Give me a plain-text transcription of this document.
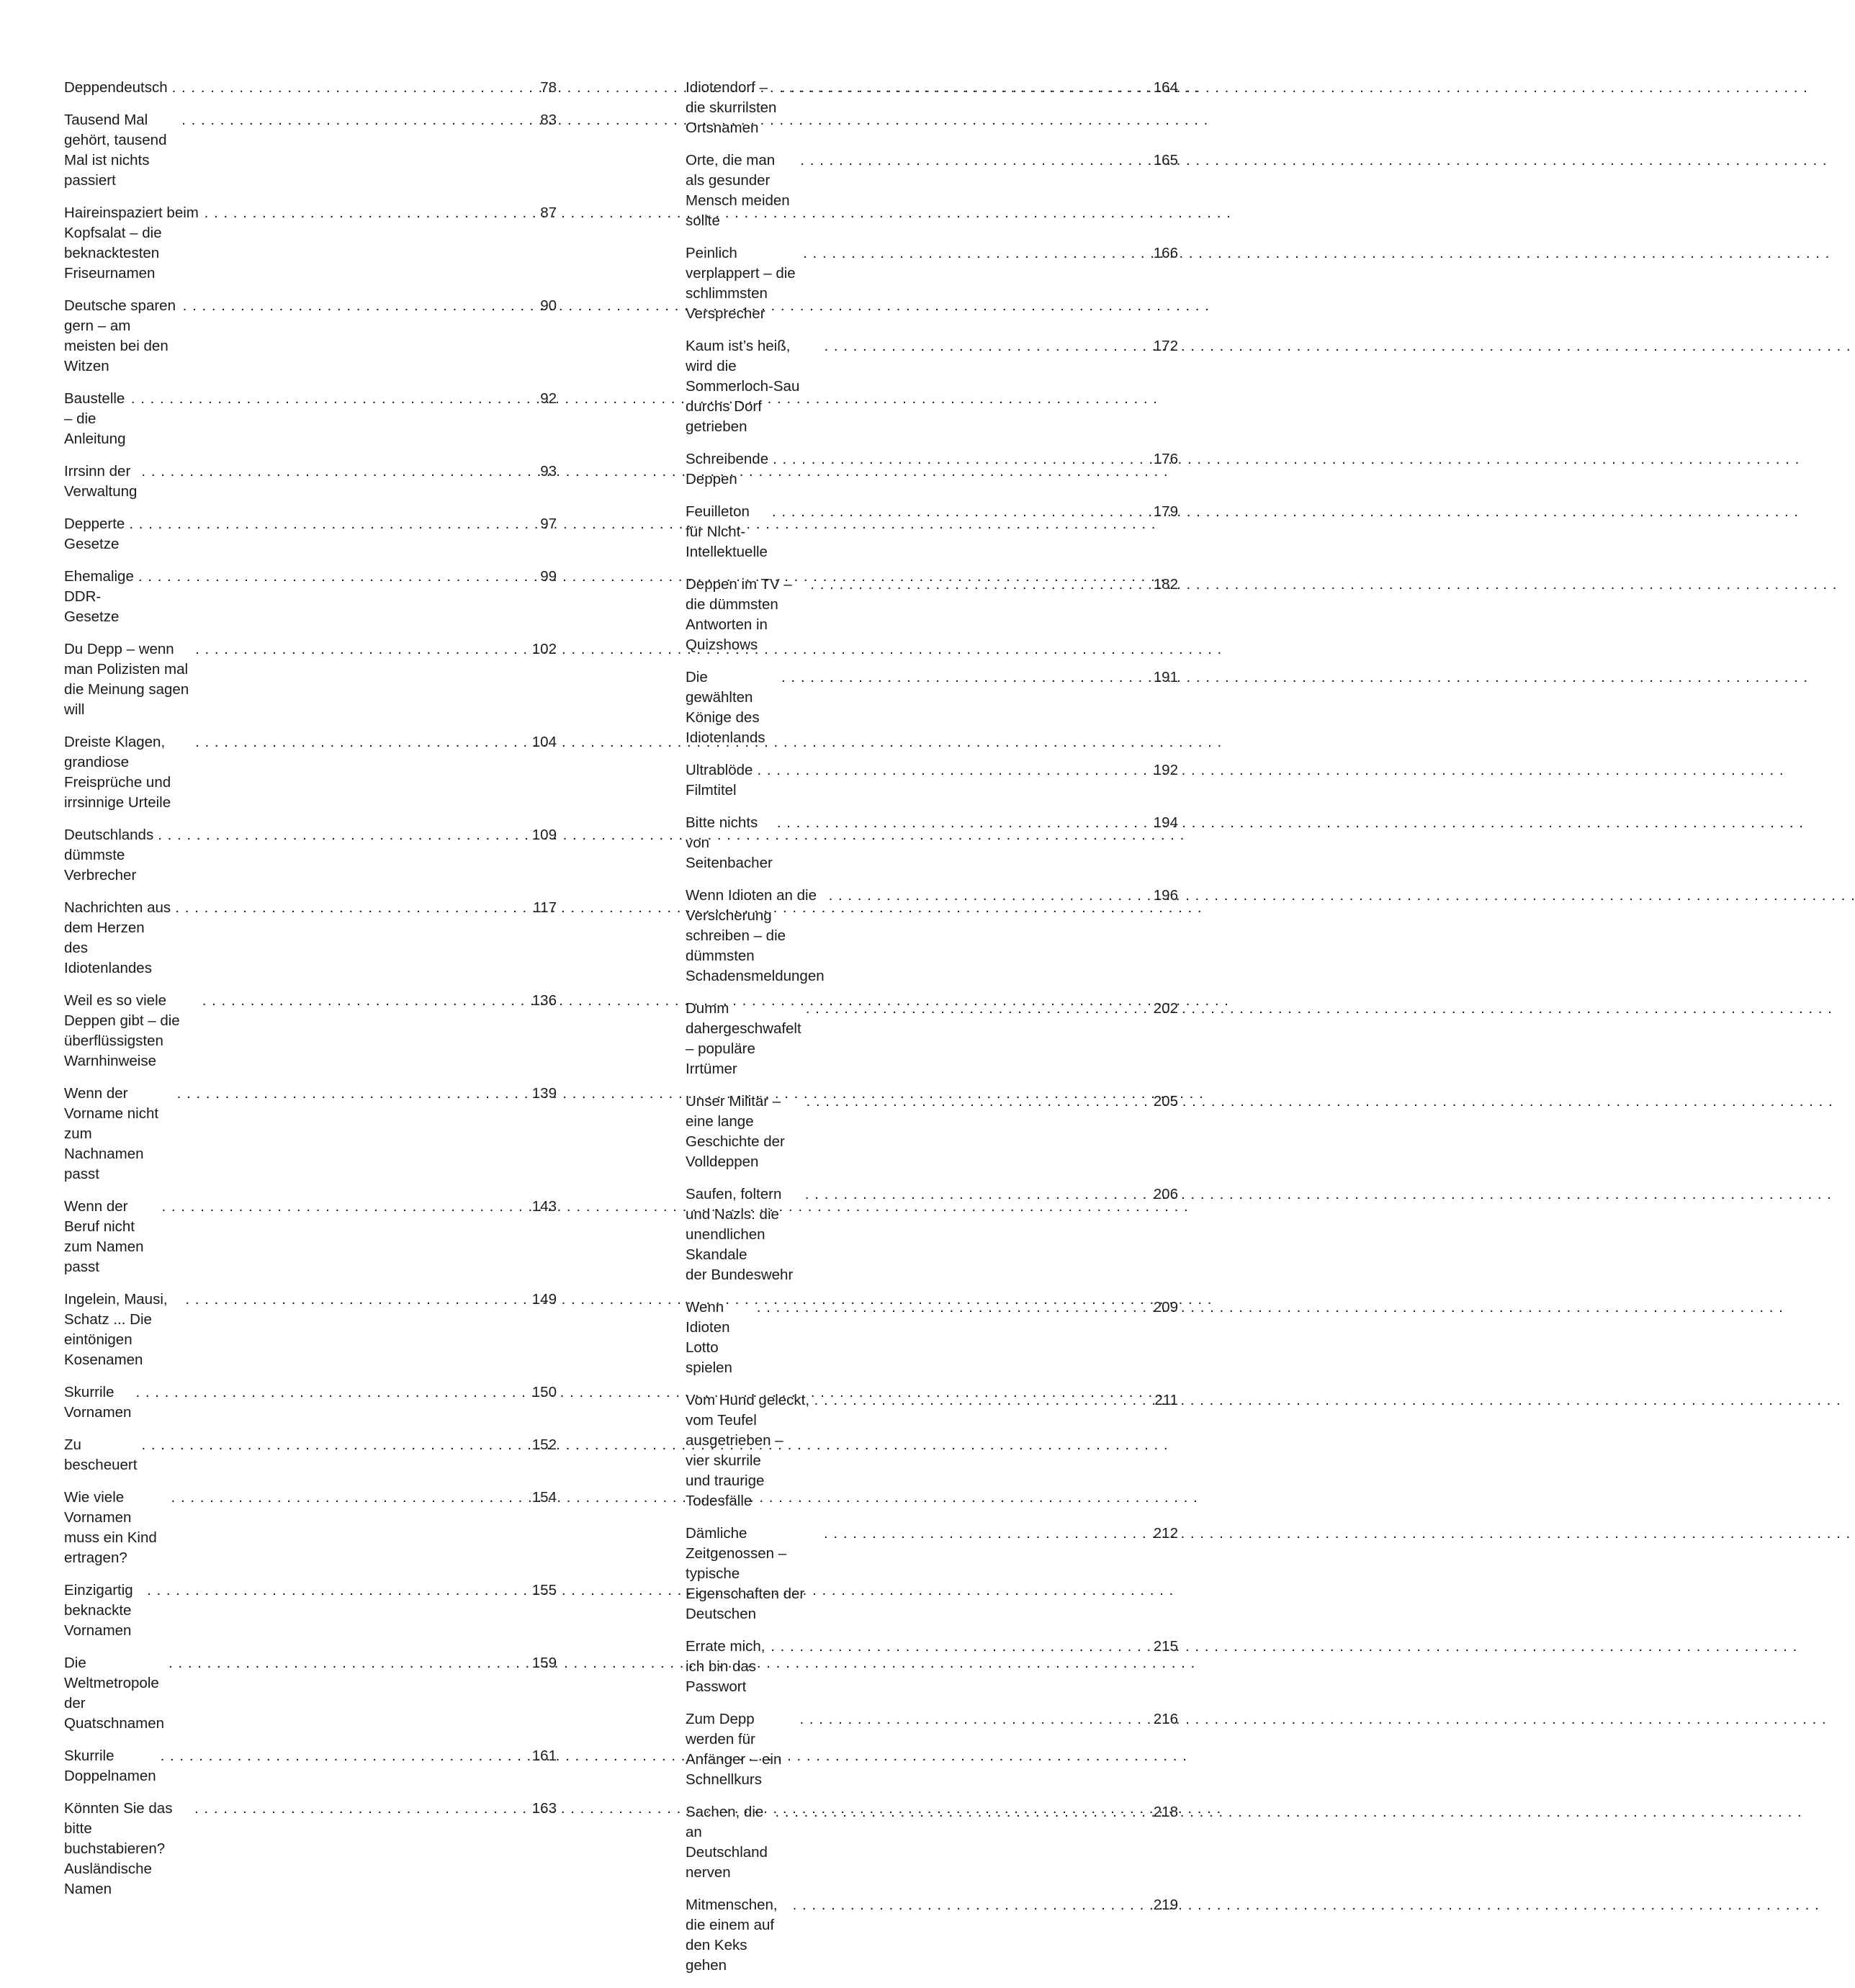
Deppendeutsch
. . .	78
Tausend Mal gehört, tausend Mal ist nichts passiert
. . .
83
Haireinspaziert beim Kopfsalat – die beknacktesten Friseurnamen
. . .
87
Deutsche sparen gern – am meisten bei den Witzen
. . .
90
Baustelle – die Anleitung
. . .
92
Irrsinn der Verwaltung
. . .
93
Depperte Gesetze
. . .
97
Ehemalige DDR-Gesetze
. . .
99
Du Depp – wenn man Polizisten mal die Meinung sagen will
. . .
102
Dreiste Klagen, grandiose Freisprüche und irrsinnige Urteile
. . .
104
Deutschlands dümmste Verbrecher
. . .
109
Nachrichten aus dem Herzen des Idiotenlandes
. . .
117
Weil es so viele Deppen gibt – die überflüssigsten Warnhinweise
. . .
136
Wenn der Vorname nicht zum Nachnamen passt
. . .
139
Wenn der Beruf nicht zum Namen passt
. . .
143
Ingelein, Mausi, Schatz ... Die eintönigen Kosenamen
. . .
149
Skurrile Vornamen
. . .
150
Zu bescheuert
. . .
152
Wie viele Vornamen muss ein Kind ertragen?
. . .
154
Einzigartig beknackte Vornamen
. . .
155
Die Weltmetropole der Quatschnamen
. . .
159
Skurrile Doppelnamen
. . .
161
Könnten Sie das bitte buchstabieren? Ausländische Namen
. . .
163
Idiotendorf – die skurrilsten Ortsnamen
. . .
164
Orte, die man als gesunder Mensch meiden sollte
. . .
165
Peinlich verplappert – die schlimmsten Versprecher
. . .
166
Kaum ist’s heiß, wird die Sommerloch-Sau durchs Dorf getrieben
. . .
172
Schreibende Deppen
. . .
176
Feuilleton für Nicht-Intellektuelle
. . .
179
Deppen im TV – die dümmsten Antworten in Quizshows
. . .
182
Die gewählten Könige des Idiotenlands
. . .
191
Ultrablöde Filmtitel
. . .
192
Bitte nichts von Seitenbacher
. . .
194
Wenn Idioten an die Versicherung schreiben – die dümmsten
Schadensmeldungen
. . .
196
Dumm dahergeschwafelt – populäre Irrtümer
. . .
202
Unser Militär – eine lange Geschichte der Volldeppen
. . .
205
Saufen, foltern und Nazis: die unendlichen Skandale
der Bundeswehr
. . .
206
Wenn Idioten Lotto spielen
. . .
209
Vom Hund geleckt, vom Teufel ausgetrieben – vier skurrile
und traurige Todesfälle
. . .
211
Dämliche Zeitgenossen – typische Eigenschaften der Deutschen
. . .
212
Errate mich, ich bin das Passwort
. . .
215
Zum Depp werden für Anfänger – ein Schnellkurs
. . .
216
Sachen, die an Deutschland nerven
. . .
218
Mitmenschen, die einem auf den Keks gehen
. . .
219
